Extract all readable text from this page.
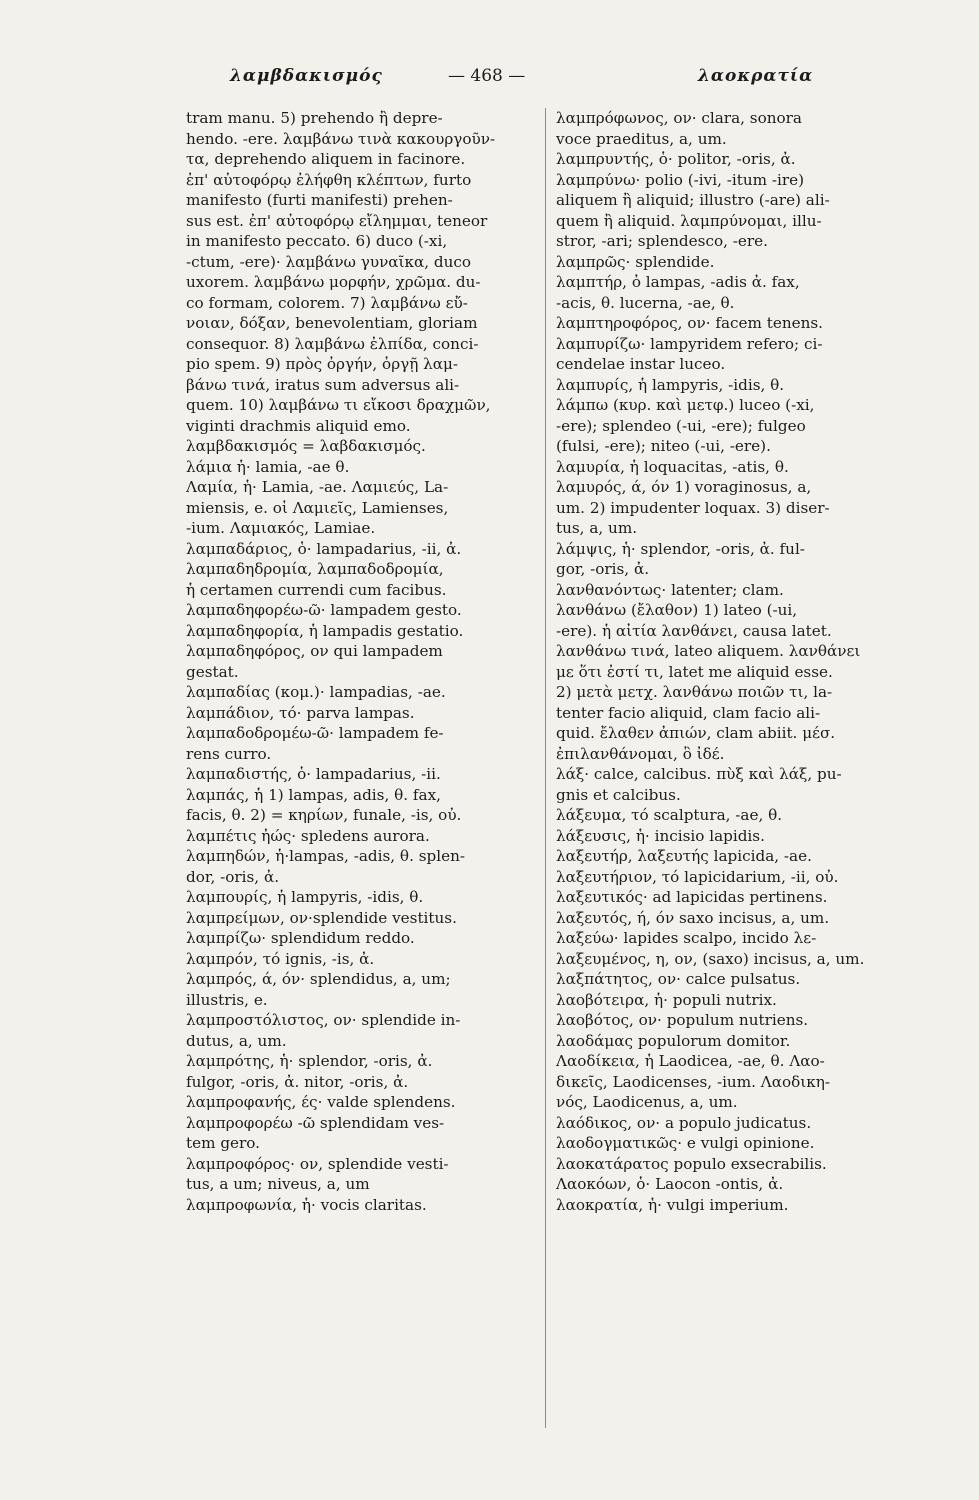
λαμβδακισμός	— 468 —	λαοκρατία
tram manu. 5) prehendo ἢ depre-
hendo. -ere. λαμβάνω τινὰ κακουργοῦν-
τα, deprehendo aliquem in facinore.
ἐπ' αὐτοφόρῳ ἐλήφθη κλέπτων, furto
manifesto (furti manifesti) prehen-
sus est. ἐπ' αὐτοφόρῳ εἴλημμαι, teneor
in manifesto peccato. 6) duco (-xi,
-ctum, -ere)· λαμβάνω γυναῖκα, duco
uxorem. λαμβάνω μορφήν, χρῶμα. du-
co formam, colorem. 7) λαμβάνω εὔ-
νοιαν, δόξαν, benevolentiam, gloriam
consequor. 8) λαμβάνω ἐλπίδα, conci-
pio spem. 9) πρὸς ὀργήν, ὀργῇ λαμ-
βάνω τινά, iratus sum adversus ali-
quem. 10) λαμβάνω τι εἴκοσι δραχμῶν,
viginti drachmis aliquid emo.
λαμβδακισμός = λαβδακισμός.
λάμια ἡ· lamia, -ae θ.
Λαμία, ἡ· Lamia, -ae. Λαμιεύς, La-
miensis, e. οἱ Λαμιεῖς, Lamienses,
-ium. Λαμιακός, Lamiae.
λαμπαδάριος, ὁ· lampadarius, -ii, ἀ.
λαμπαδηδρομία, λαμπαδοδρομία,
ἡ certamen currendi cum facibus.
λαμπαδηφορέω-ῶ· lampadem gesto.
λαμπαδηφορία, ἡ lampadis gestatio.
λαμπαδηφόρος, ον qui lampadem
gestat.
λαμπαδίας (κομ.)· lampadias, -ae.
λαμπάδιον, τό· parva lampas.
λαμπαδοδρομέω-ῶ· lampadem fe-
rens curro.
λαμπαδιστής, ὁ· lampadarius, -ii.
λαμπάς, ἡ 1) lampas, adis, θ. fax,
facis, θ. 2) = κηρίων, funale, -is, οὐ.
λαμπέτις ἠώς· spledens aurora.
λαμπηδών, ἡ·lampas, -adis, θ. splen-
dor, -oris, ἀ.
λαμπουρίς, ἡ lampyris, -idis, θ.
λαμπρείμων, ον·splendide vestitus.
λαμπρίζω· splendidum reddo.
λαμπρόν, τό ignis, -is, ἀ.
λαμπρός, ά, όν· splendidus, a, um;
illustris, e.
λαμπροστόλιστος, ον· splendide in-
dutus, a, um.
λαμπρότης, ἡ· splendor, -oris, ἀ.
fulgor, -oris, ἀ. nitor, -oris, ἀ.
λαμπροφανής, ές· valde splendens.
λαμπροφορέω -ῶ splendidam ves-
tem gero.
λαμπροφόρος· ον, splendide vesti-
tus, a um; niveus, a, um
λαμπροφωνία, ἡ· vocis claritas.
λαμπρόφωνος, ον· clara, sonora
voce praeditus, a, um.
λαμπρυντής, ὁ· politor, -oris, ἀ.
λαμπρύνω· polio (-ivi, -itum -ire)
aliquem ἢ aliquid; illustro (-are) ali-
quem ἢ aliquid. λαμπρύνομαι, illu-
stror, -ari; splendesco, -ere.
λαμπρῶς· splendide.
λαμπτήρ, ὁ lampas, -adis ἀ. fax,
-acis, θ. lucerna, -ae, θ.
λαμπτηροφόρος, ον· facem tenens.
λαμπυρίζω· lampyridem refero; ci-
cendelae instar luceo.
λαμπυρίς, ἡ lampyris, -idis, θ.
λάμπω (κυρ. καὶ μετφ.) luceo (-xi,
-ere); splendeo (-ui, -ere); fulgeo
(fulsi, -ere); niteo (-ui, -ere).
λαμυρία, ἡ loquacitas, -atis, θ.
λαμυρός, ά, όν 1) voraginosus, a,
um. 2) impudenter loquax. 3) diser-
tus, a, um.
λάμψις, ἡ· splendor, -oris, ἀ. ful-
gor, -oris, ἀ.
λανθανόντως· latenter; clam.
λανθάνω (ἔλαθον) 1) lateo (-ui,
-ere). ἡ αἰτία λανθάνει, causa latet.
λανθάνω τινά, lateo aliquem. λανθάνει
με ὅτι ἐστί τι, latet me aliquid esse.
2) μετὰ μετχ. λανθάνω ποιῶν τι, la-
tenter facio aliquid, clam facio ali-
quid. ἔλαθεν ἀπιών, clam abiit. μέσ.
ἐπιλανθάνομαι, ὃ ἰδέ.
λάξ· calce, calcibus. πὺξ καὶ λάξ, pu-
gnis et calcibus.
λάξευμα, τό scalptura, -ae, θ.
λάξευσις, ἡ· incisio lapidis.
λαξευτήρ, λαξευτής lapicida, -ae.
λαξευτήριον, τό lapicidarium, -ii, οὐ.
λαξευτικός· ad lapicidas pertinens.
λαξευτός, ή, όν saxo incisus, a, um.
λαξεύω· lapides scalpo, incido λε-
λαξευμένος, η, ον, (saxo) incisus, a, um.
λαξπάτητος, ον· calce pulsatus.
λαοβότειρα, ἡ· populi nutrix.
λαοβότος, ον· populum nutriens.
λαοδάμας populorum domitor.
Λαοδίκεια, ἡ Laodicea, -ae, θ. Λαο-
δικεῖς, Laodicenses, -ium. Λαοδικη-
νός, Laodicenus, a, um.
λαόδικος, ον· a populo judicatus.
λαοδογματικῶς· e vulgi opinione.
λαοκατάρατος populo exsecrabilis.
Λαοκόων, ὁ· Laocon -ontis, ἀ.
λαοκρατία, ἡ· vulgi imperium.
